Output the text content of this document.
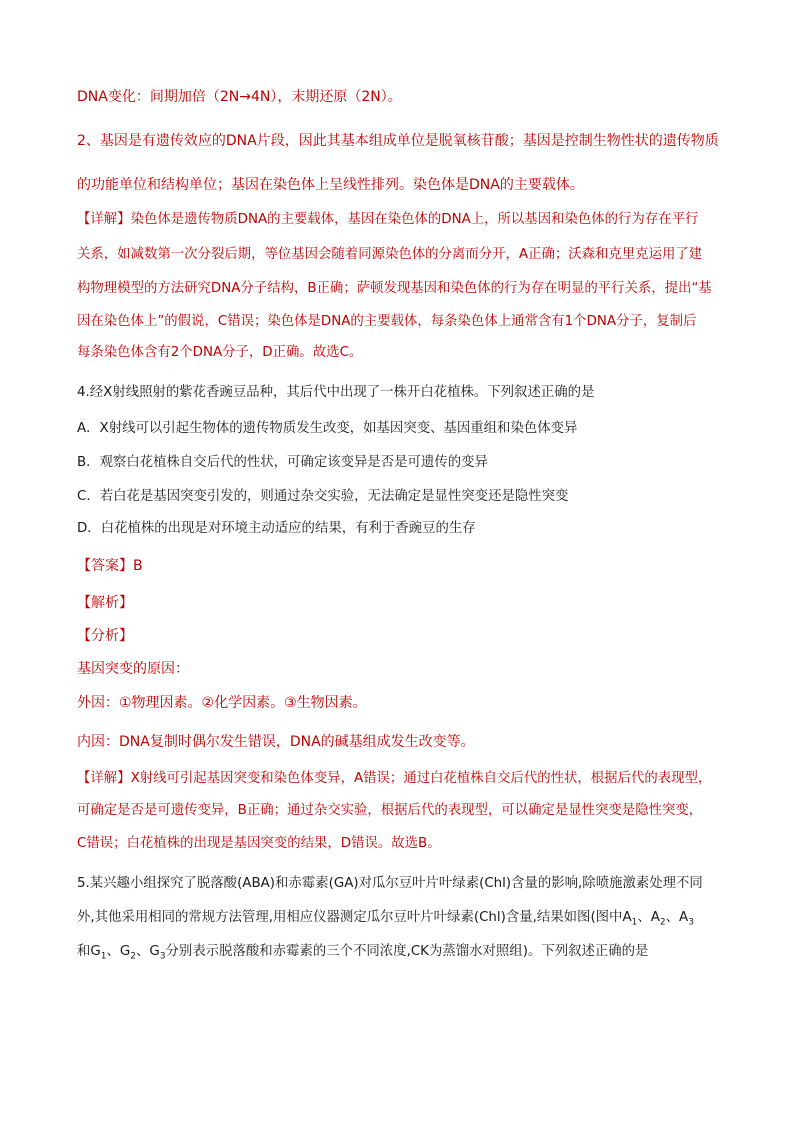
DNA变化：间期加倍（2N→4N），末期还原（2N）。
2、基因是有遗传效应的DNA片段，因此其基本组成单位是脱氧核苷酸；基因是控制生物性状的遗传物质
的功能单位和结构单位；基因在染色体上呈线性排列。染色体是DNA的主要载体。
【详解】染色体是遗传物质DNA的主要载体，基因在染色体的DNA上，所以基因和染色体的行为存在平行
关系，如减数第一次分裂后期，等位基因会随着同源染色体的分离而分开，A正确；沃森和克里克运用了建
构物理模型的方法研究DNA分子结构，B正确；萨顿发现基因和染色体的行为存在明显的平行关系，提出“基
因在染色体上”的假说，C错误；染色体是DNA的主要载体，每条染色体上通常含有1个DNA分子，复制后
每条染色体含有2个DNA分子，D正确。故选C。
4.经X射线照射的紫花香豌豆品种，其后代中出现了一株开白花植株。下列叙述正确的是
A．X射线可以引起生物体的遗传物质发生改变，如基因突变、基因重组和染色体变异
B．观察白花植株自交后代的性状，可确定该变异是否是可遗传的变异
C．若白花是基因突变引发的，则通过杂交实验，无法确定是显性突变还是隐性突变
D．白花植株的出现是对环境主动适应的结果，有利于香豌豆的生存
【答案】B
【解析】
【分析】
基因突变的原因：
外因：①物理因素。②化学因素。③生物因素。
内因：DNA复制时偶尔发生错误，DNA的碱基组成发生改变等。
【详解】X射线可引起基因突变和染色体变异，A错误；通过白花植株自交后代的性状，根据后代的表现型，
可确定是否是可遗传变异，B正确；通过杂交实验，根据后代的表现型，可以确定是显性突变是隐性突变，
C错误；白花植株的出现是基因突变的结果，D错误。故选B。
5.某兴趣小组探究了脱落酸(ABA)和赤霉素(GA)对瓜尔豆叶片叶绿素(Chl)含量的影响,除喷施激素处理不同
外,其他采用相同的常规方法管理,用相应仪器测定瓜尔豆叶片叶绿素(Chl)含量,结果如图(图中$A_1$、$A_2$、$A_3$
和$G_1$、$G_2$、$G_3$分别表示脱落酸和赤霉素的三个不同浓度,CK为蒸馏水对照组)。下列叙述正确的是
